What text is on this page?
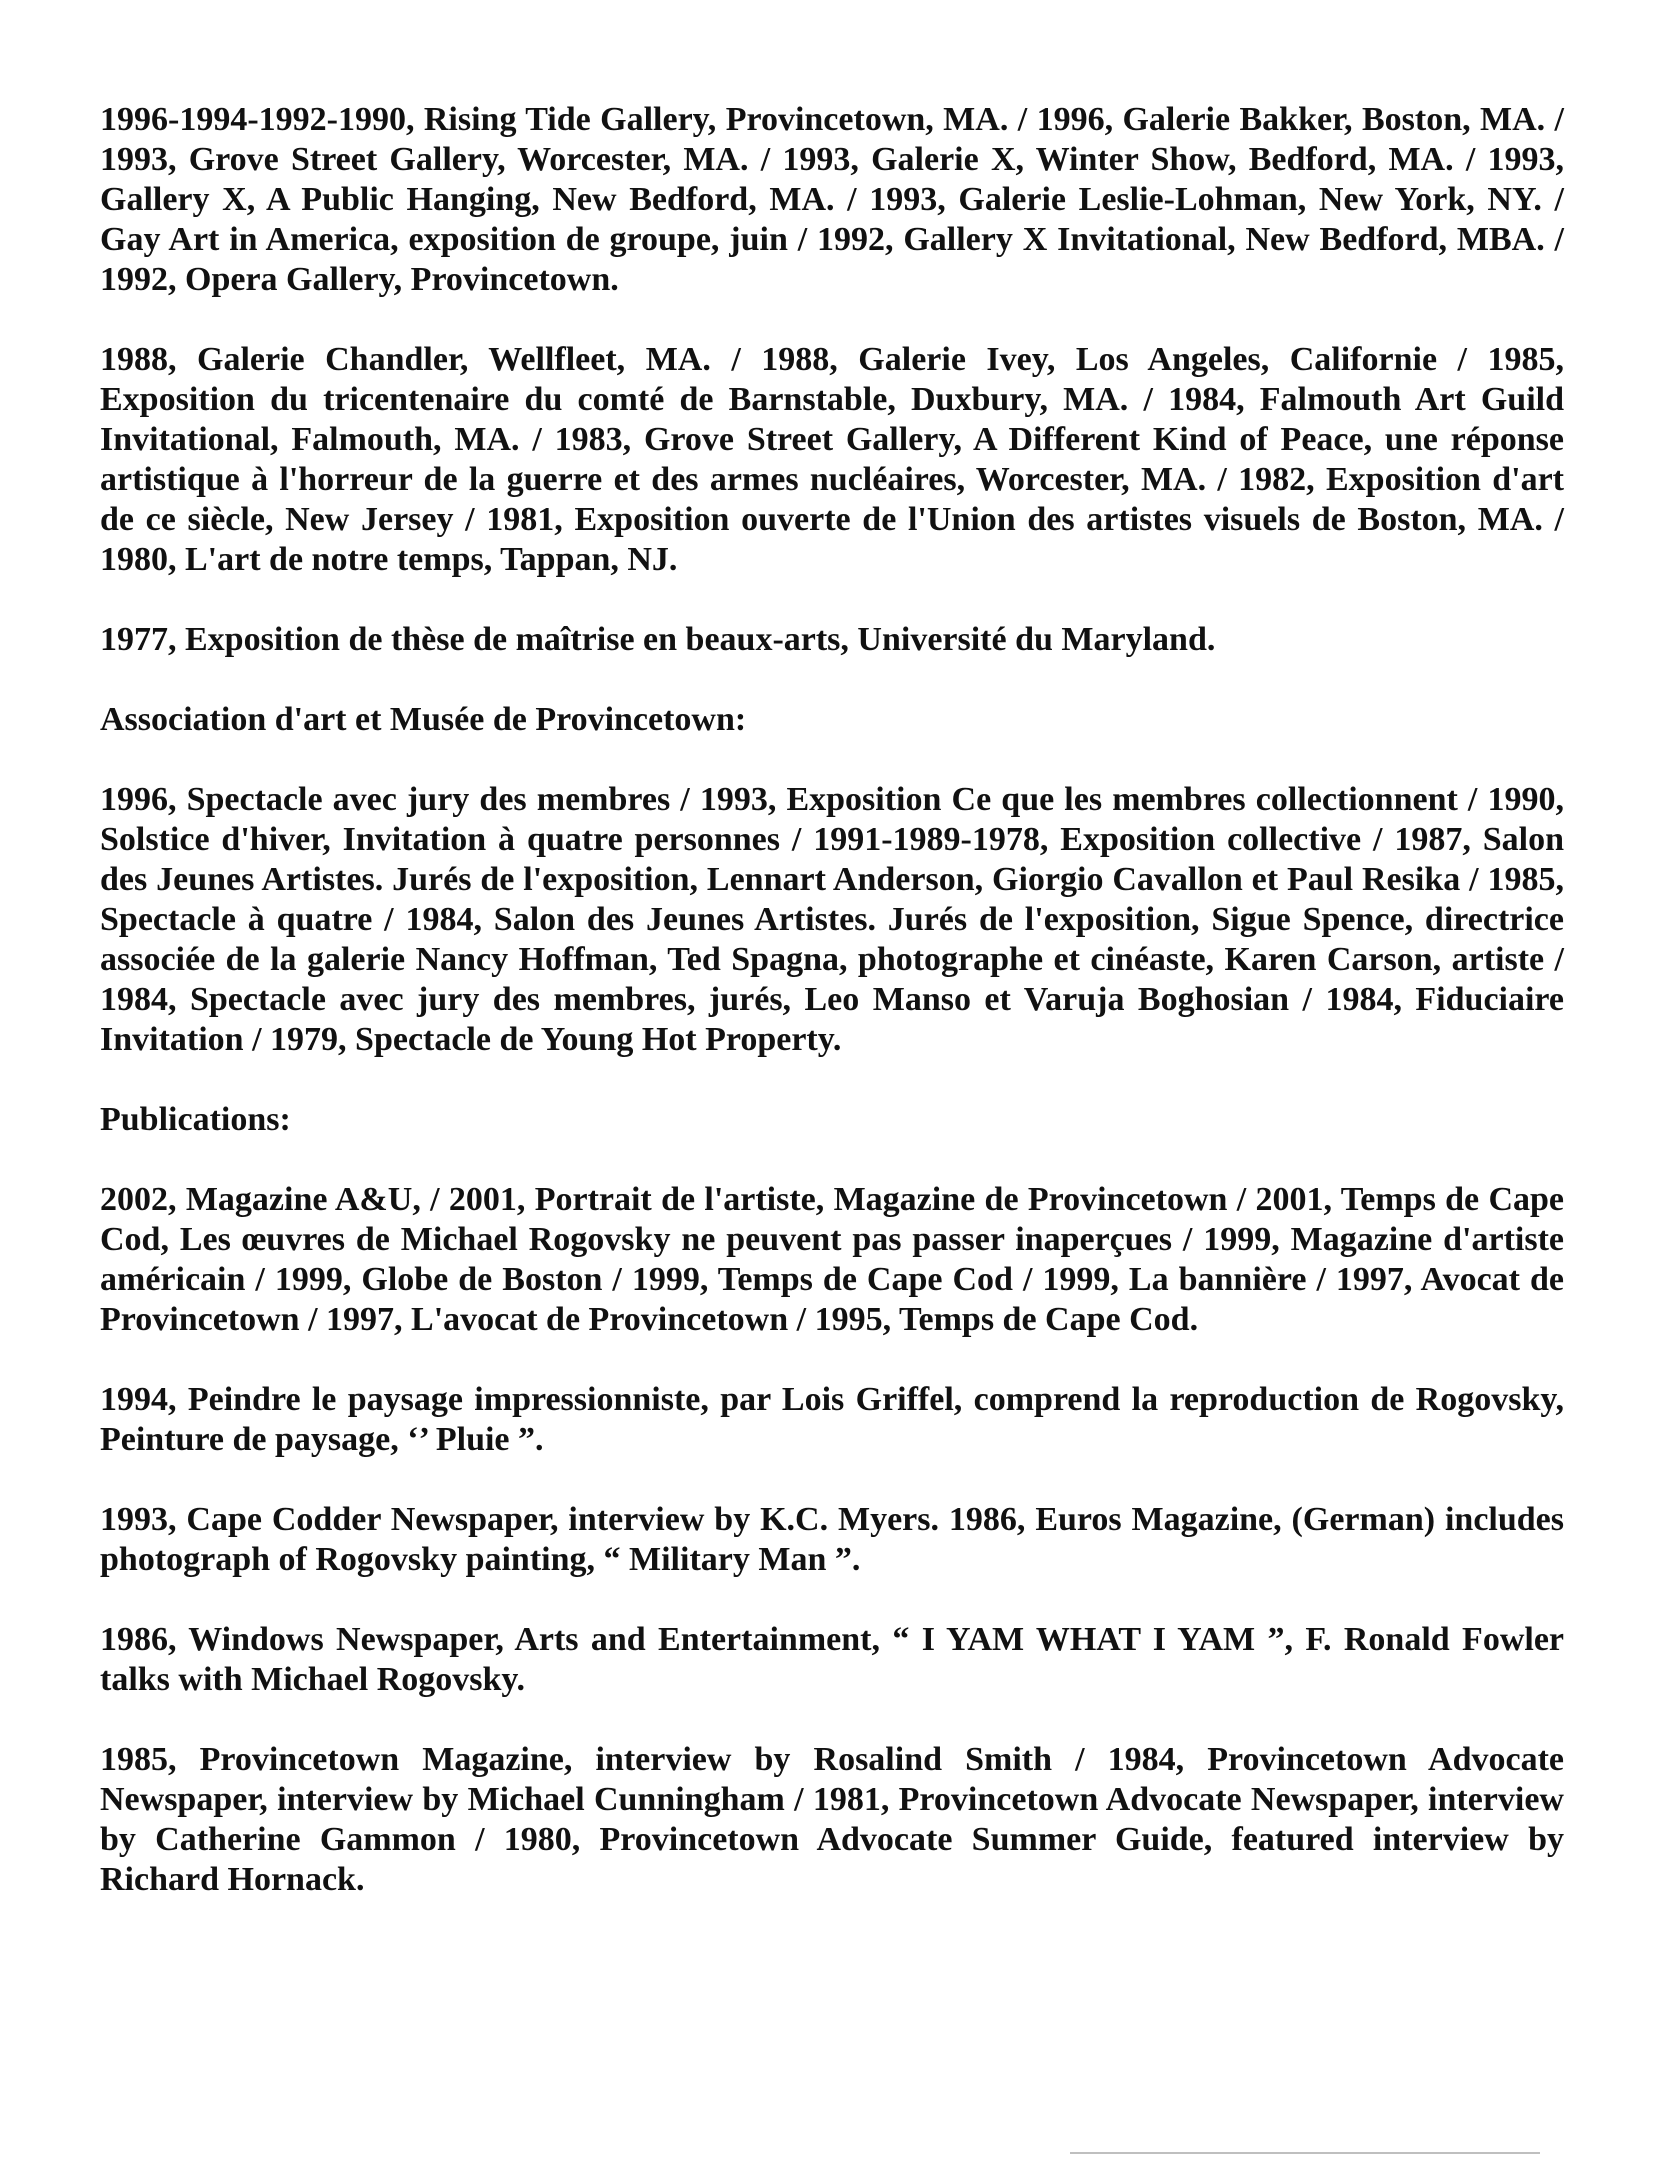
1996-1994-1992-1990, Rising Tide Gallery, Provincetown, MA. / 1996, Galerie Bakker, Boston, MA. / 1993, Grove Street Gallery, Worcester, MA. / 1993, Galerie X, Winter Show, Bedford, MA. / 1993, Gallery X, A Public Hanging, New Bedford, MA. / 1993, Galerie Leslie-Lohman, New York, NY. / Gay Art in America, exposition de groupe, juin / 1992, Gallery X Invitational, New Bedford, MBA. / 1992, Opera Gallery, Provincetown.

1988, Galerie Chandler, Wellfleet, MA. / 1988, Galerie Ivey, Los Angeles, Californie / 1985, Exposition du tricentenaire du comté de Barnstable, Duxbury, MA. / 1984, Falmouth Art Guild Invitational, Falmouth, MA. / 1983, Grove Street Gallery, A Different Kind of Peace, une réponse artistique à l'horreur de la guerre et des armes nucléaires, Worcester, MA. / 1982, Exposition d'art de ce siècle, New Jersey / 1981, Exposition ouverte de l'Union des artistes visuels de Boston, MA. / 1980, L'art de notre temps, Tappan, NJ.

1977, Exposition de thèse de maîtrise en beaux-arts, Université du Maryland.

Association d'art et Musée de Provincetown:

1996, Spectacle avec jury des membres / 1993, Exposition Ce que les membres collectionnent / 1990, Solstice d'hiver, Invitation à quatre personnes / 1991-1989-1978, Exposition collective / 1987, Salon des Jeunes Artistes. Jurés de l'exposition, Lennart Anderson, Giorgio Cavallon et Paul Resika / 1985, Spectacle à quatre / 1984, Salon des Jeunes Artistes. Jurés de l'exposition, Sigue Spence, directrice associée de la galerie Nancy Hoffman, Ted Spagna, photographe et cinéaste, Karen Carson, artiste / 1984, Spectacle avec jury des membres, jurés, Leo Manso et Varuja Boghosian / 1984, Fiduciaire Invitation / 1979, Spectacle de Young Hot Property.

Publications:

2002, Magazine A&U, / 2001, Portrait de l'artiste, Magazine de Provincetown / 2001, Temps de Cape Cod, Les œuvres de Michael Rogovsky ne peuvent pas passer inaperçues / 1999, Magazine d'artiste américain / 1999, Globe de Boston / 1999, Temps de Cape Cod / 1999, La bannière / 1997, Avocat de Provincetown / 1997, L'avocat de Provincetown / 1995, Temps de Cape Cod.

1994, Peindre le paysage impressionniste, par Lois Griffel, comprend la reproduction de Rogovsky, Peinture de paysage, ‘’ Pluie ”.

1993, Cape Codder Newspaper, interview by K.C. Myers. 1986, Euros Magazine, (German) includes photograph of Rogovsky painting, “ Military Man ”.

1986, Windows Newspaper, Arts and Entertainment, “ I YAM WHAT I YAM ”, F. Ronald Fowler talks with Michael Rogovsky.

1985, Provincetown Magazine, interview by Rosalind Smith / 1984, Provincetown Advocate Newspaper, interview by Michael Cunningham / 1981, Provincetown Advocate Newspaper, interview by Catherine Gammon / 1980, Provincetown Advocate Summer Guide, featured interview by Richard Hornack.
